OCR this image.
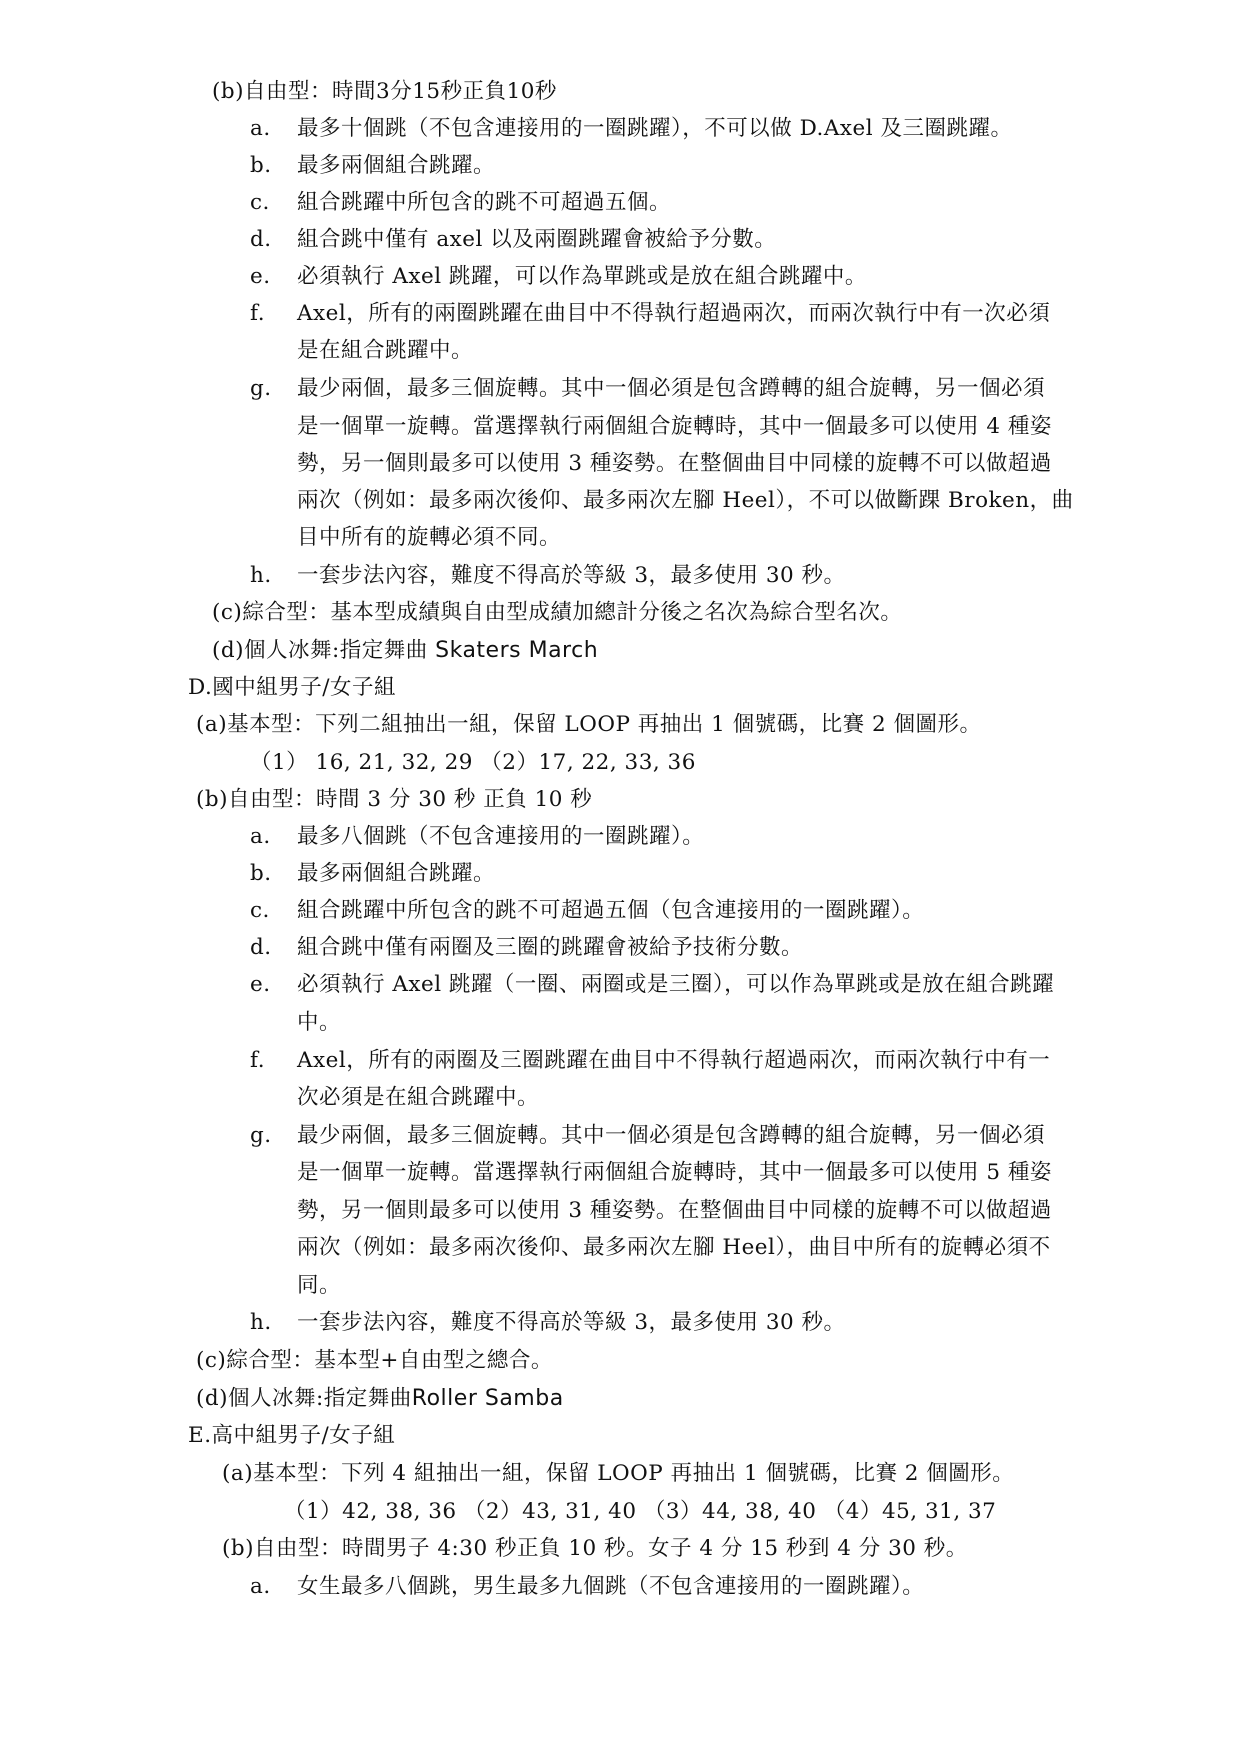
(b)自由型：時間3分15秒正負10秒
a. 最多十個跳（不包含連接用的一圈跳躍），不可以做 D.Axel 及三圈跳躍。
b. 最多兩個組合跳躍。
c. 組合跳躍中所包含的跳不可超過五個。
d. 組合跳中僅有 axel 以及兩圈跳躍會被給予分數。
e. 必須執行 Axel 跳躍，可以作為單跳或是放在組合跳躍中。
f. Axel，所有的兩圈跳躍在曲目中不得執行超過兩次，而兩次執行中有一次必須
是在組合跳躍中。
g. 最少兩個，最多三個旋轉。其中一個必須是包含蹲轉的組合旋轉，另一個必須
是一個單一旋轉。當選擇執行兩個組合旋轉時，其中一個最多可以使用 4 種姿
勢，另一個則最多可以使用 3 種姿勢。在整個曲目中同樣的旋轉不可以做超過
兩次（例如：最多兩次後仰、最多兩次左腳 Heel），不可以做斷踝 Broken，曲
目中所有的旋轉必須不同。
h. 一套步法內容，難度不得高於等級 3，最多使用 30 秒。
(c)綜合型：基本型成績與自由型成績加總計分後之名次為綜合型名次。
(d)個人冰舞:指定舞曲 Skaters March
D.國中組男子/女子組
(a)基本型：下列二組抽出一組，保留 LOOP 再抽出 1 個號碼，比賽 2 個圖形。
（1） 16, 21, 32, 29 （2）17, 22, 33, 36
(b)自由型：時間 3 分 30 秒 正負 10 秒
a. 最多八個跳（不包含連接用的一圈跳躍）。
b. 最多兩個組合跳躍。
c. 組合跳躍中所包含的跳不可超過五個（包含連接用的一圈跳躍）。
d. 組合跳中僅有兩圈及三圈的跳躍會被給予技術分數。
e. 必須執行 Axel 跳躍（一圈、兩圈或是三圈），可以作為單跳或是放在組合跳躍
中。
f. Axel，所有的兩圈及三圈跳躍在曲目中不得執行超過兩次，而兩次執行中有一
次必須是在組合跳躍中。
g. 最少兩個，最多三個旋轉。其中一個必須是包含蹲轉的組合旋轉，另一個必須
是一個單一旋轉。當選擇執行兩個組合旋轉時，其中一個最多可以使用 5 種姿
勢，另一個則最多可以使用 3 種姿勢。在整個曲目中同樣的旋轉不可以做超過
兩次（例如：最多兩次後仰、最多兩次左腳 Heel），曲目中所有的旋轉必須不
同。
h. 一套步法內容，難度不得高於等級 3，最多使用 30 秒。
(c)綜合型：基本型+自由型之總合。
(d)個人冰舞:指定舞曲Roller Samba
E.高中組男子/女子組
(a)基本型：下列 4 組抽出一組，保留 LOOP 再抽出 1 個號碼，比賽 2 個圖形。
（1）42, 38, 36 （2）43, 31, 40 （3）44, 38, 40 （4）45, 31, 37
(b)自由型：時間男子 4:30 秒正負 10 秒。女子 4 分 15 秒到 4 分 30 秒。
a. 女生最多八個跳，男生最多九個跳（不包含連接用的一圈跳躍）。
